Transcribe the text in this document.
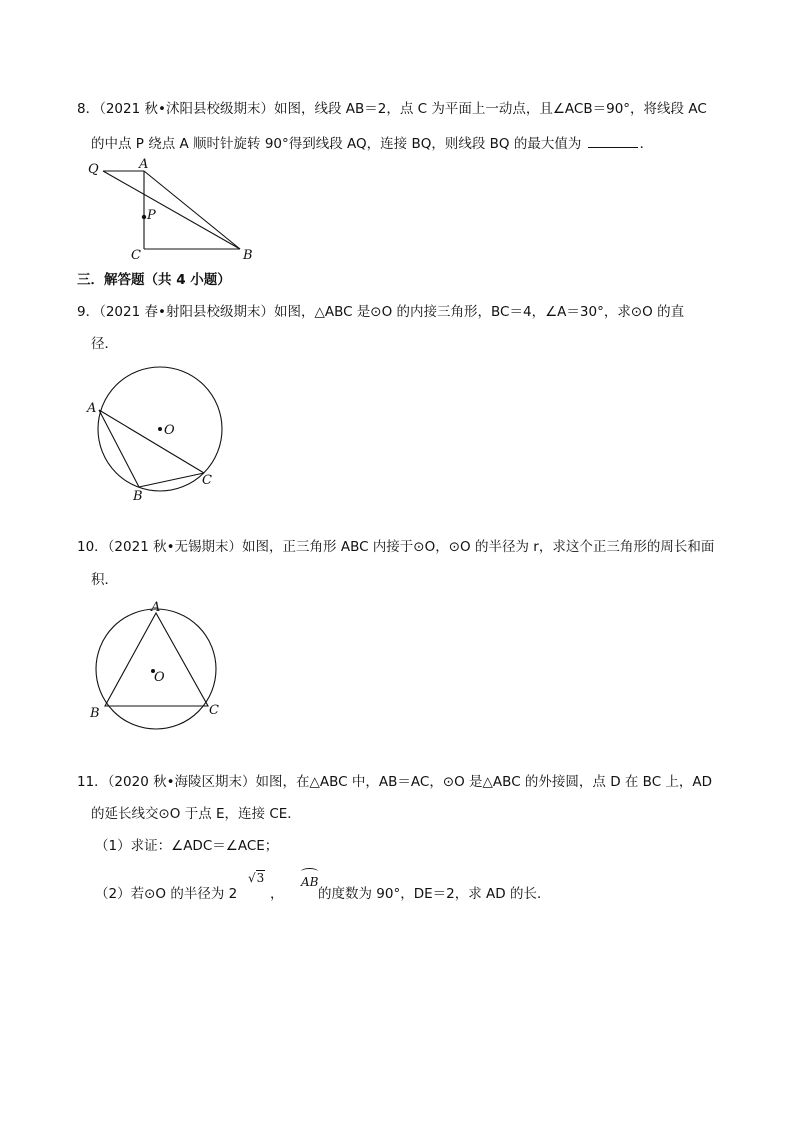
8．（2021 秋•沭阳县校级期末）如图，线段 AB＝2，点 C 为平面上一动点，且∠ACB＝90°，将线段 AC
的中点 P 绕点 A 顺时针旋转 90°得到线段 AQ，连接 BQ，则线段 BQ 的最大值为	．
Q	A
P
C	B
三．解答题（共 4 小题）
9．（2021 春•射阳县校级期末）如图，△ABC 是⊙O 的内接三角形，BC＝4，∠A＝30°，求⊙O 的直
径．
A
O
B
C
10．（2021 秋•无锡期末）如图，正三角形 ABC 内接于⊙O，⊙O 的半径为 r，求这个正三角形的周长和面
积．
A
O
B	C
11．（2020 秋•海陵区期末）如图，在△ABC 中，AB＝AC，⊙O 是△ABC 的外接圆，点 D 在 BC 上，AD
的延长线交⊙O 于点 E，连接 CE．
（1）求证：∠ADC＝∠ACE；
（2）若⊙O 的半径为 2
√3
，
AB
的度数为 90°，DE＝2，求 AD 的长．
